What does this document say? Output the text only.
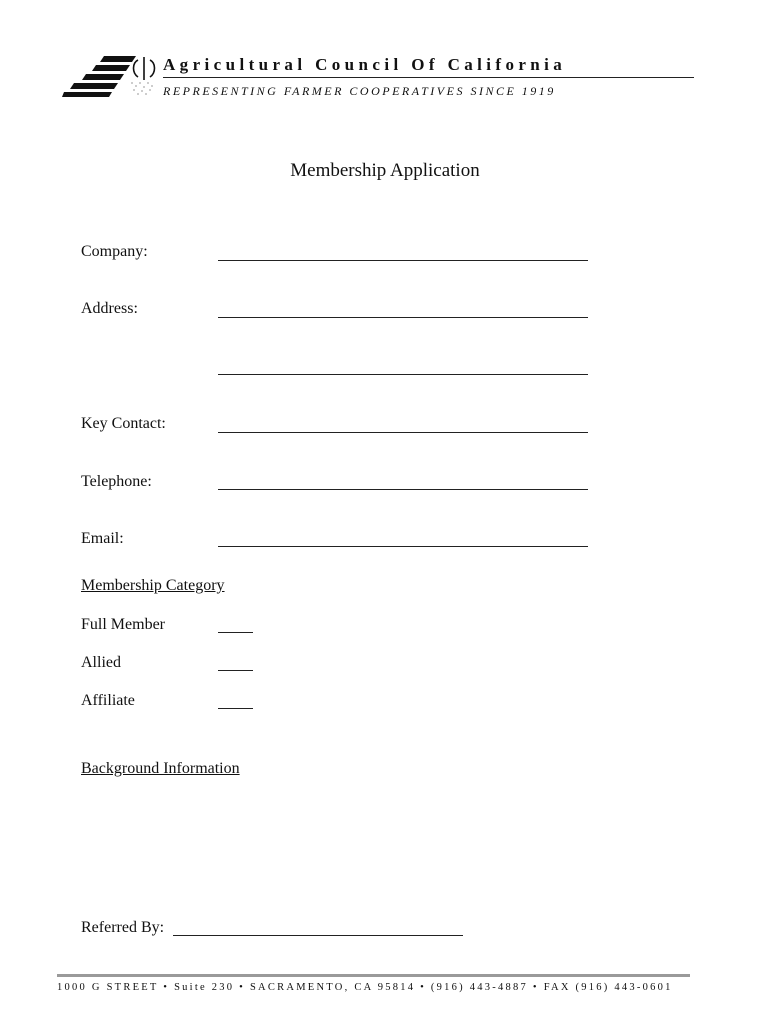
Agricultural Council Of California
REPRESENTING FARMER COOPERATIVES SINCE 1919
Membership Application
Company:
Address:
Key Contact:
Telephone:
Email:
Membership Category
Full Member
Allied
Affiliate
Background Information
Referred By:
1000 G STREET • Suite 230 • SACRAMENTO, CA 95814 • (916) 443-4887 • FAX (916) 443-0601
